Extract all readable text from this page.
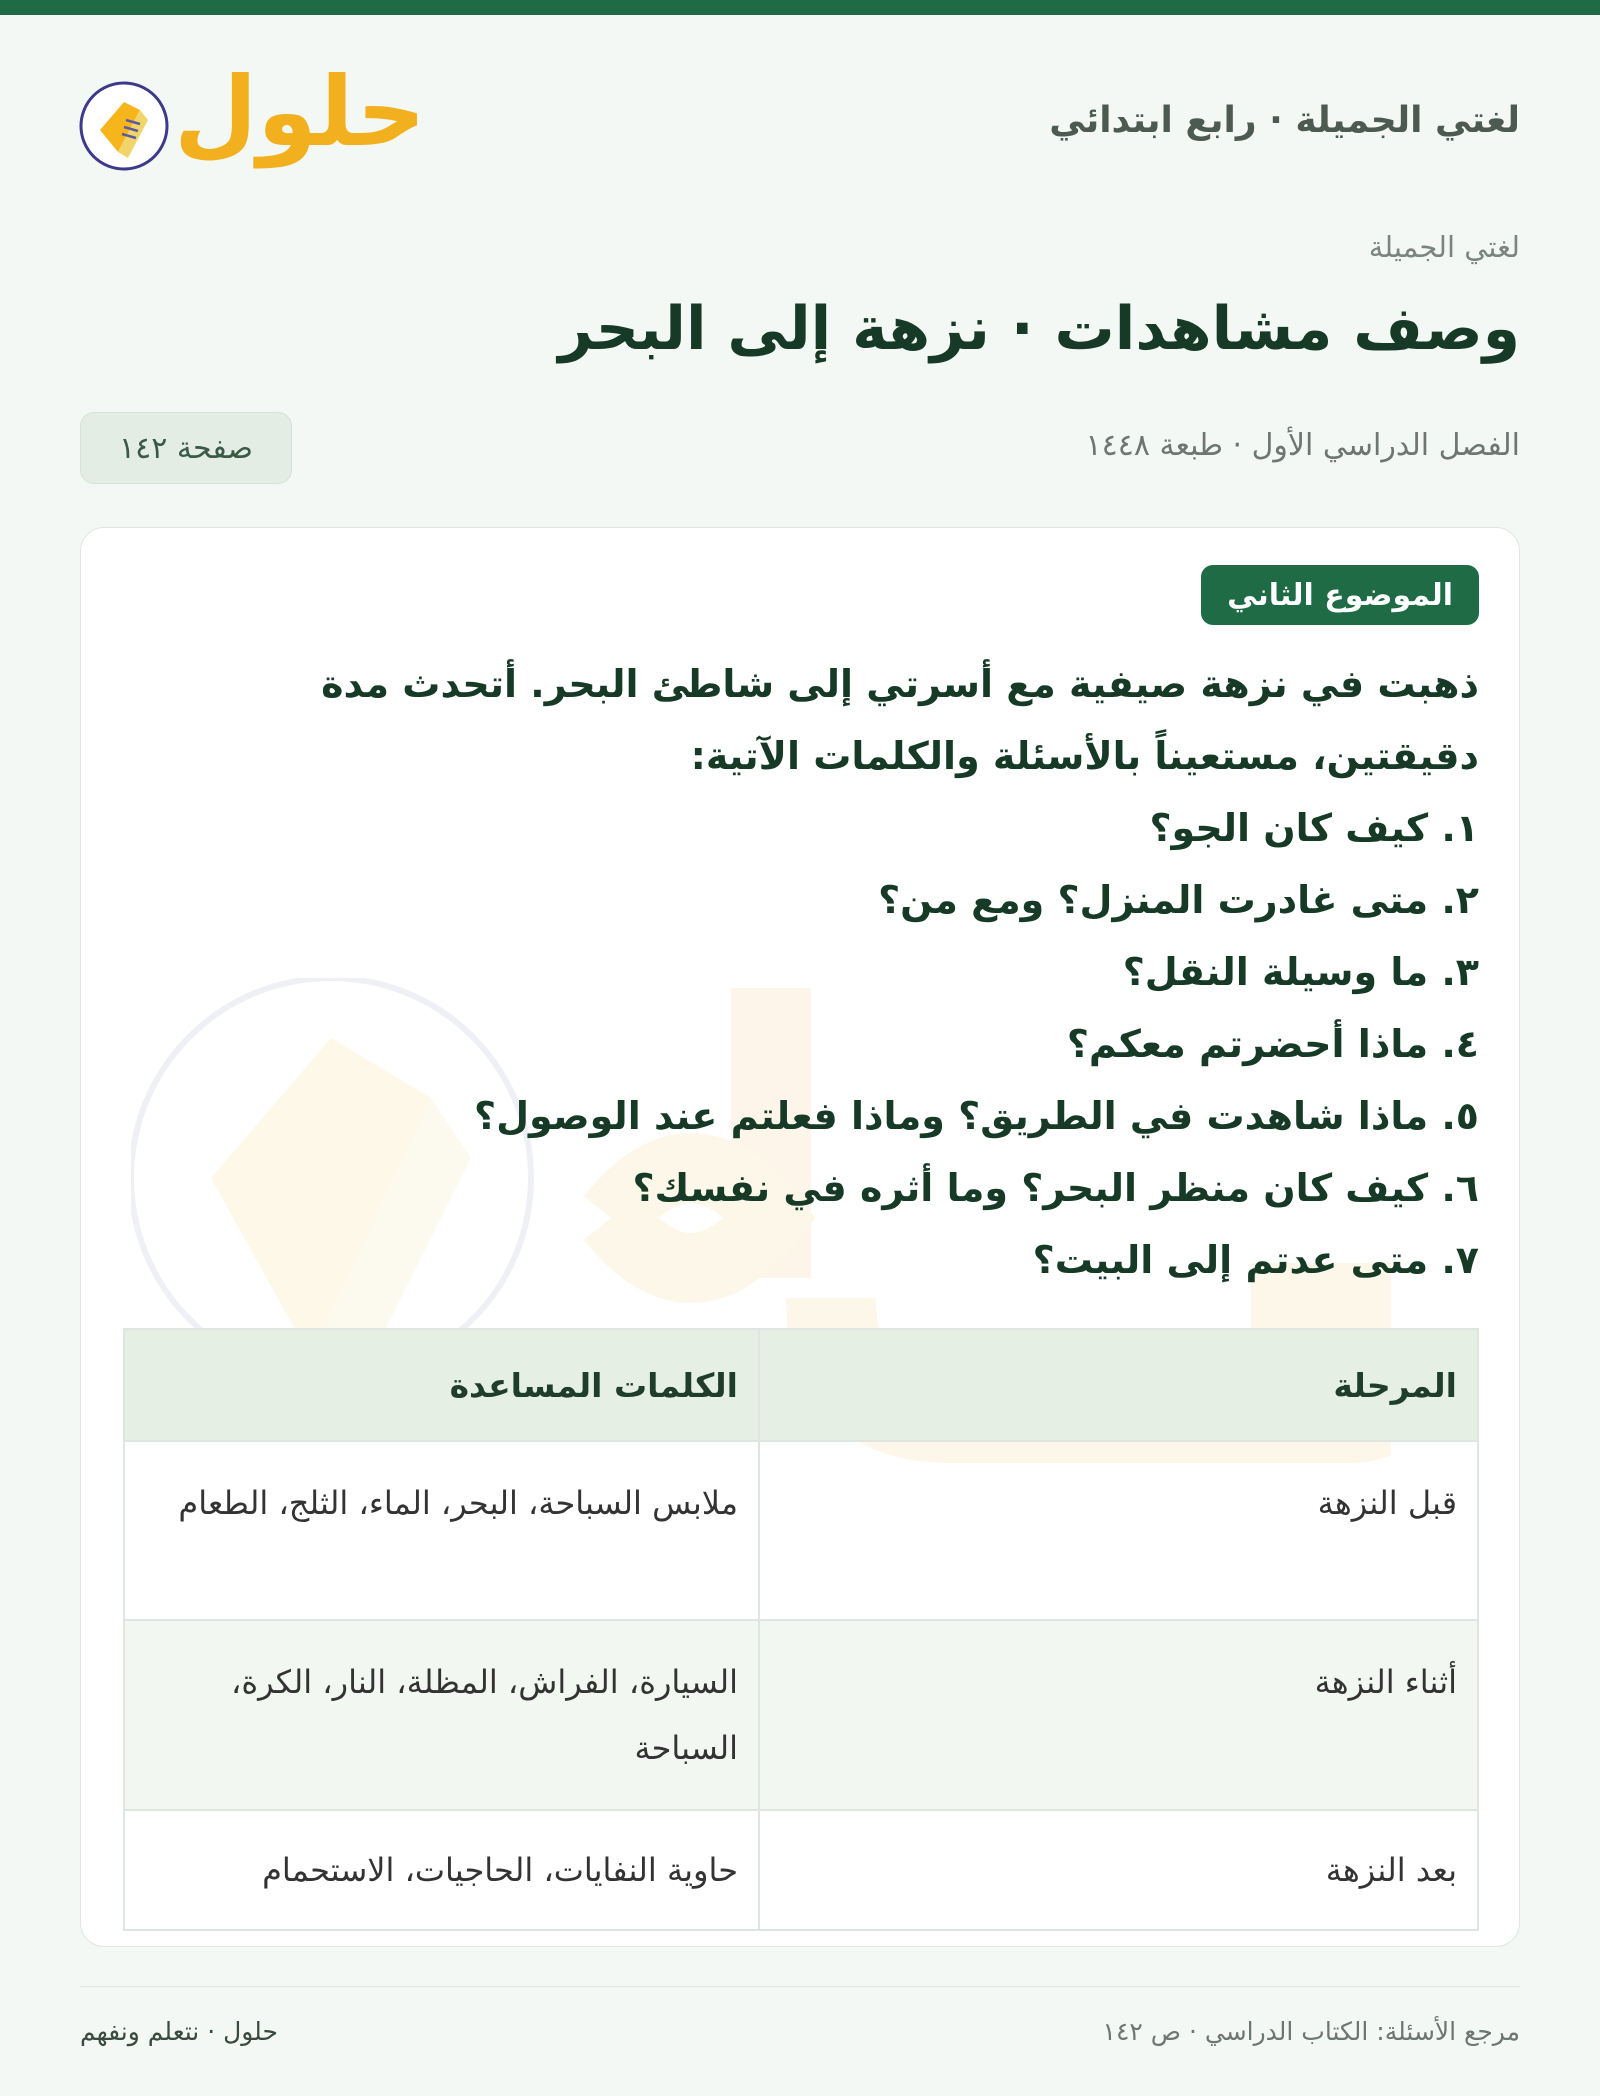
لغتي الجميلة · رابع ابتدائي
حلول
لغتي الجميلة
وصف مشاهدات · نزهة إلى البحر
الفصل الدراسي الأول · طبعة ١٤٤٨
صفحة ١٤٢
الموضوع الثاني

ذهبت في نزهة صيفية مع أسرتي إلى شاطئ البحر. أتحدث مدة دقيقتين، مستعيناً بالأسئلة والكلمات الآتية:

١. كيف كان الجو؟
٢. متى غادرت المنزل؟ ومع من؟
٣. ما وسيلة النقل؟
٤. ماذا أحضرتم معكم؟
٥. ماذا شاهدت في الطريق؟ وماذا فعلتم عند الوصول؟
٦. كيف كان منظر البحر؟ وما أثره في نفسك؟
٧. متى عدتم إلى البيت؟
المرحلة	الكلمات المساعدة
قبل النزهة	ملابس السباحة، البحر، الماء، الثلج، الطعام
أثناء النزهة	السيارة، الفراش، المظلة، النار، الكرة، السباحة
بعد النزهة	حاوية النفايات، الحاجيات، الاستحمام
مرجع الأسئلة: الكتاب الدراسي · ص ١٤٢
حلول · نتعلم ونفهم
